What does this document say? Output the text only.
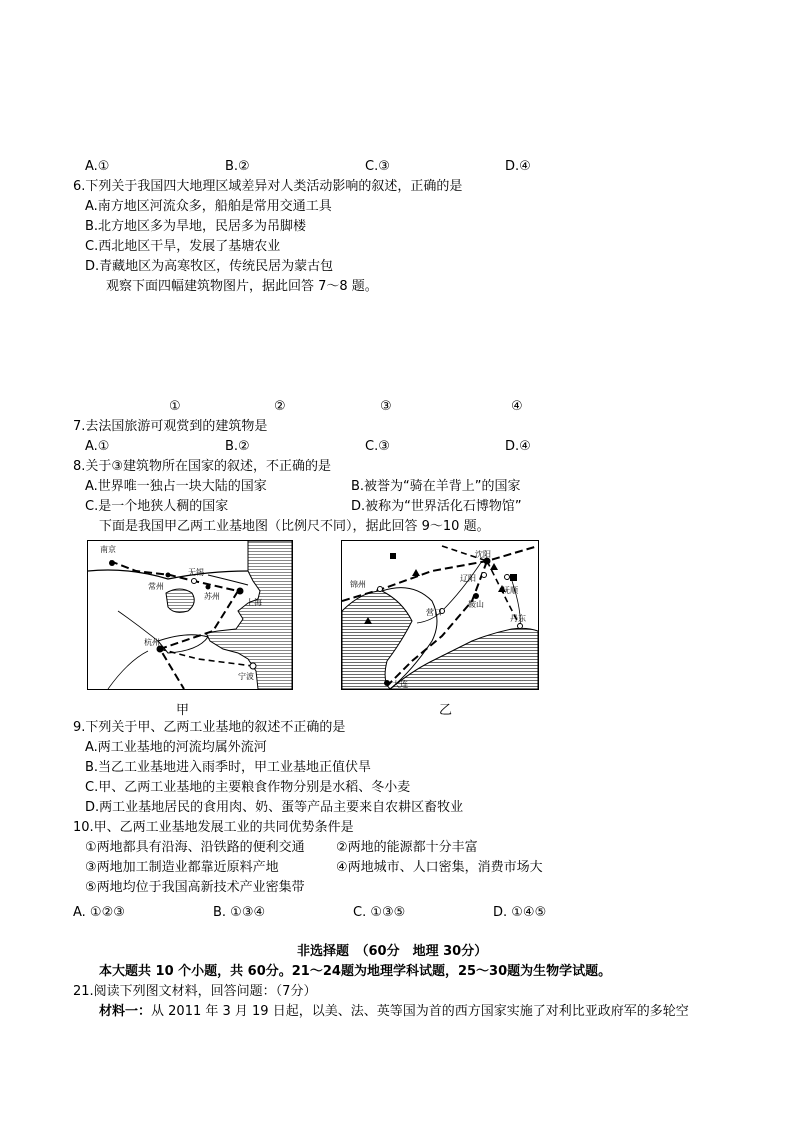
A.①	B.②	C.③	D.④
6.下列关于我国四大地理区域差异对人类活动影响的叙述，正确的是
A.南方地区河流众多，船舶是常用交通工具
B.北方地区多为旱地，民居多为吊脚楼
C.西北地区干旱，发展了基塘农业
D.青藏地区为高寒牧区，传统民居为蒙古包
观察下面四幅建筑物图片，据此回答 7～8 题。
①	②	③	④
7.去法国旅游可观赏到的建筑物是
A.①	B.②	C.③	D.④
8.关于③建筑物所在国家的叙述，不正确的是
A.世界唯一独占一块大陆的国家	B.被誉为“骑在羊背上”的国家
C.是一个地狭人稠的国家	D.被称为“世界活化石博物馆”
下面是我国甲乙两工业基地图（比例尺不同），据此回答 9～10 题。
南京
常州
无锡
苏州
上海
杭州
宁波
甲
锦州
沈阳
辽阳
抚顺
鞍山
营口
丹东
大连
乙
9.下列关于甲、乙两工业基地的叙述不正确的是
A.两工业基地的河流均属外流河
B.当乙工业基地进入雨季时，甲工业基地正值伏旱
C.甲、乙两工业基地的主要粮食作物分别是水稻、冬小麦
D.两工业基地居民的食用肉、奶、蛋等产品主要来自农耕区畜牧业
10.甲、乙两工业基地发展工业的共同优势条件是
①两地都具有沿海、沿铁路的便利交通 ②两地的能源都十分丰富
③两地加工制造业都靠近原料产地	④两地城市、人口密集，消费市场大
⑤两地均位于我国高新技术产业密集带
A. ①②③	B. ①③④	C. ①③⑤	D. ①④⑤
非选择题　（60分　地理 30分）
本大题共 10 个小题，共 60分。21～24题为地理学科试题，25～30题为生物学试题。
21.阅读下列图文材料，回答问题：（7分）
材料一：从 2011 年 3 月 19 日起，以美、法、英等国为首的西方国家实施了对利比亚政府军的多轮空
